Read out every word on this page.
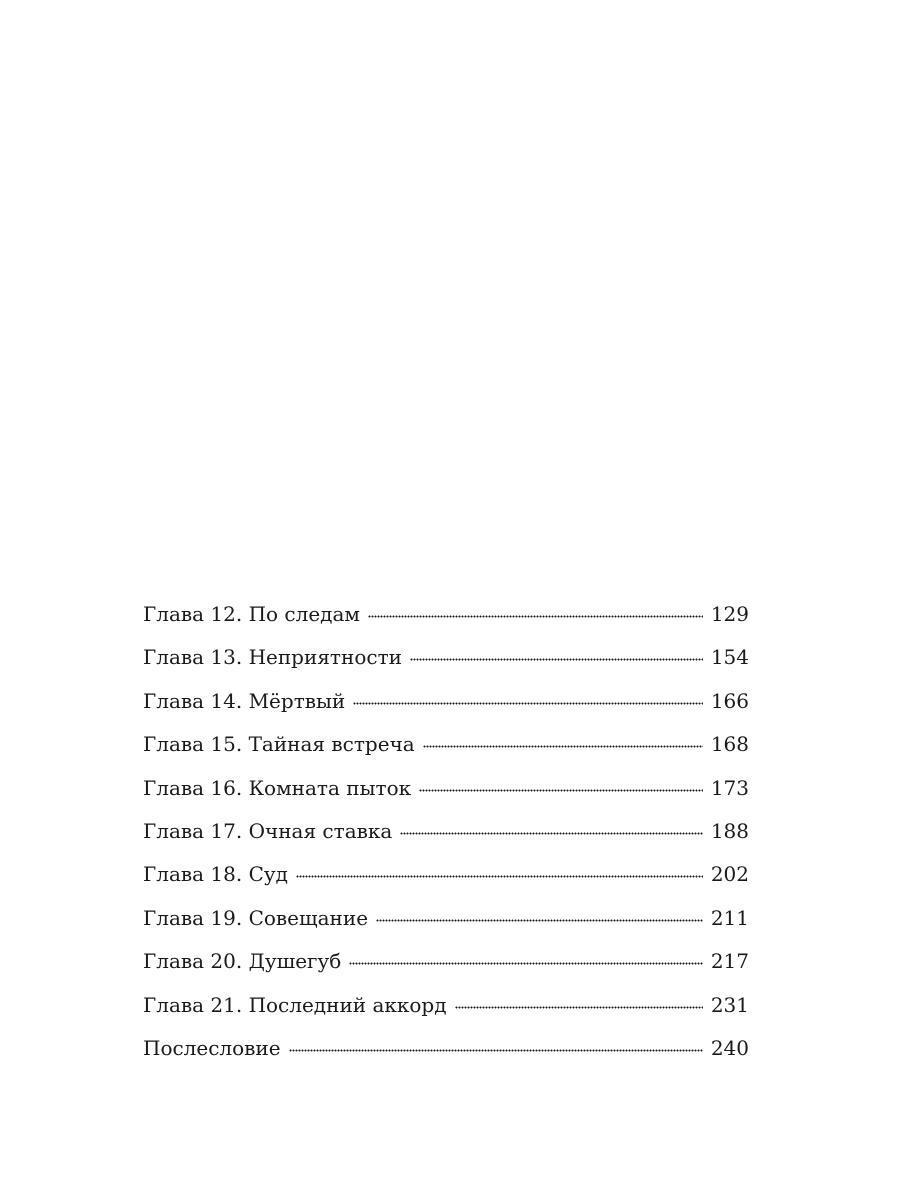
Глава 12. По следам	129
Глава 13. Неприятности	154
Глава 14. Мёртвый	166
Глава 15. Тайная встреча	168
Глава 16. Комната пыток	173
Глава 17. Очная ставка	188
Глава 18. Суд	202
Глава 19. Совещание	211
Глава 20. Душегуб	217
Глава 21. Последний аккорд	231
Послесловие	240
